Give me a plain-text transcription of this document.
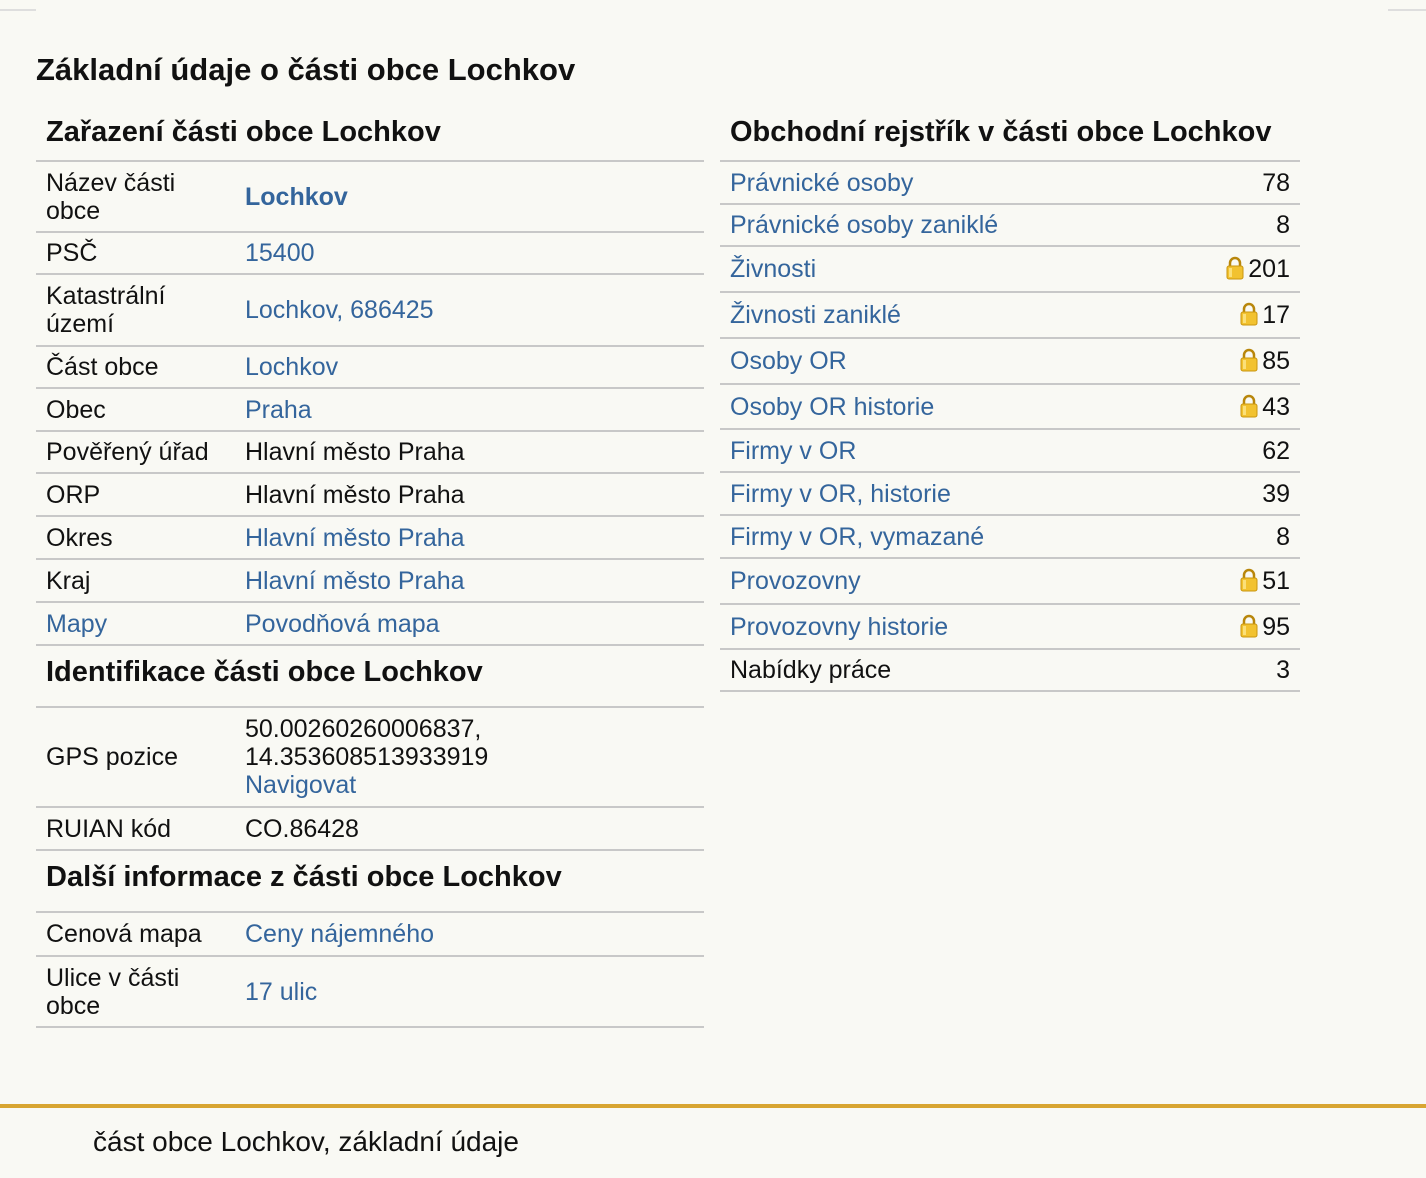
Základní údaje o části obce Lochkov
Zařazení části obce Lochkov
Název části obce	Lochkov
PSČ	15400
Katastrální území	Lochkov, 686425
Část obce	Lochkov
Obec	Praha
Pověřený úřad	Hlavní město Praha
ORP	Hlavní město Praha
Okres	Hlavní město Praha
Kraj	Hlavní město Praha
Mapy	Povodňová mapa
Identifikace části obce Lochkov
GPS pozice	50.00260260006837,
14.353608513933919
Navigovat

RUIAN kód	CO.86428
Další informace z části obce Lochkov
Cenová mapa	Ceny nájemného
Ulice v části obce	17 ulic
Obchodní rejstřík v části obce Lochkov
Právnické osoby	78
Právnické osoby zaniklé	8
Živnosti	201
Živnosti zaniklé	17
Osoby OR	85
Osoby OR historie	43
Firmy v OR	62
Firmy v OR, historie	39
Firmy v OR, vymazané	8
Provozovny	51
Provozovny historie	95
Nabídky práce	3
část obce Lochkov, základní údaje
